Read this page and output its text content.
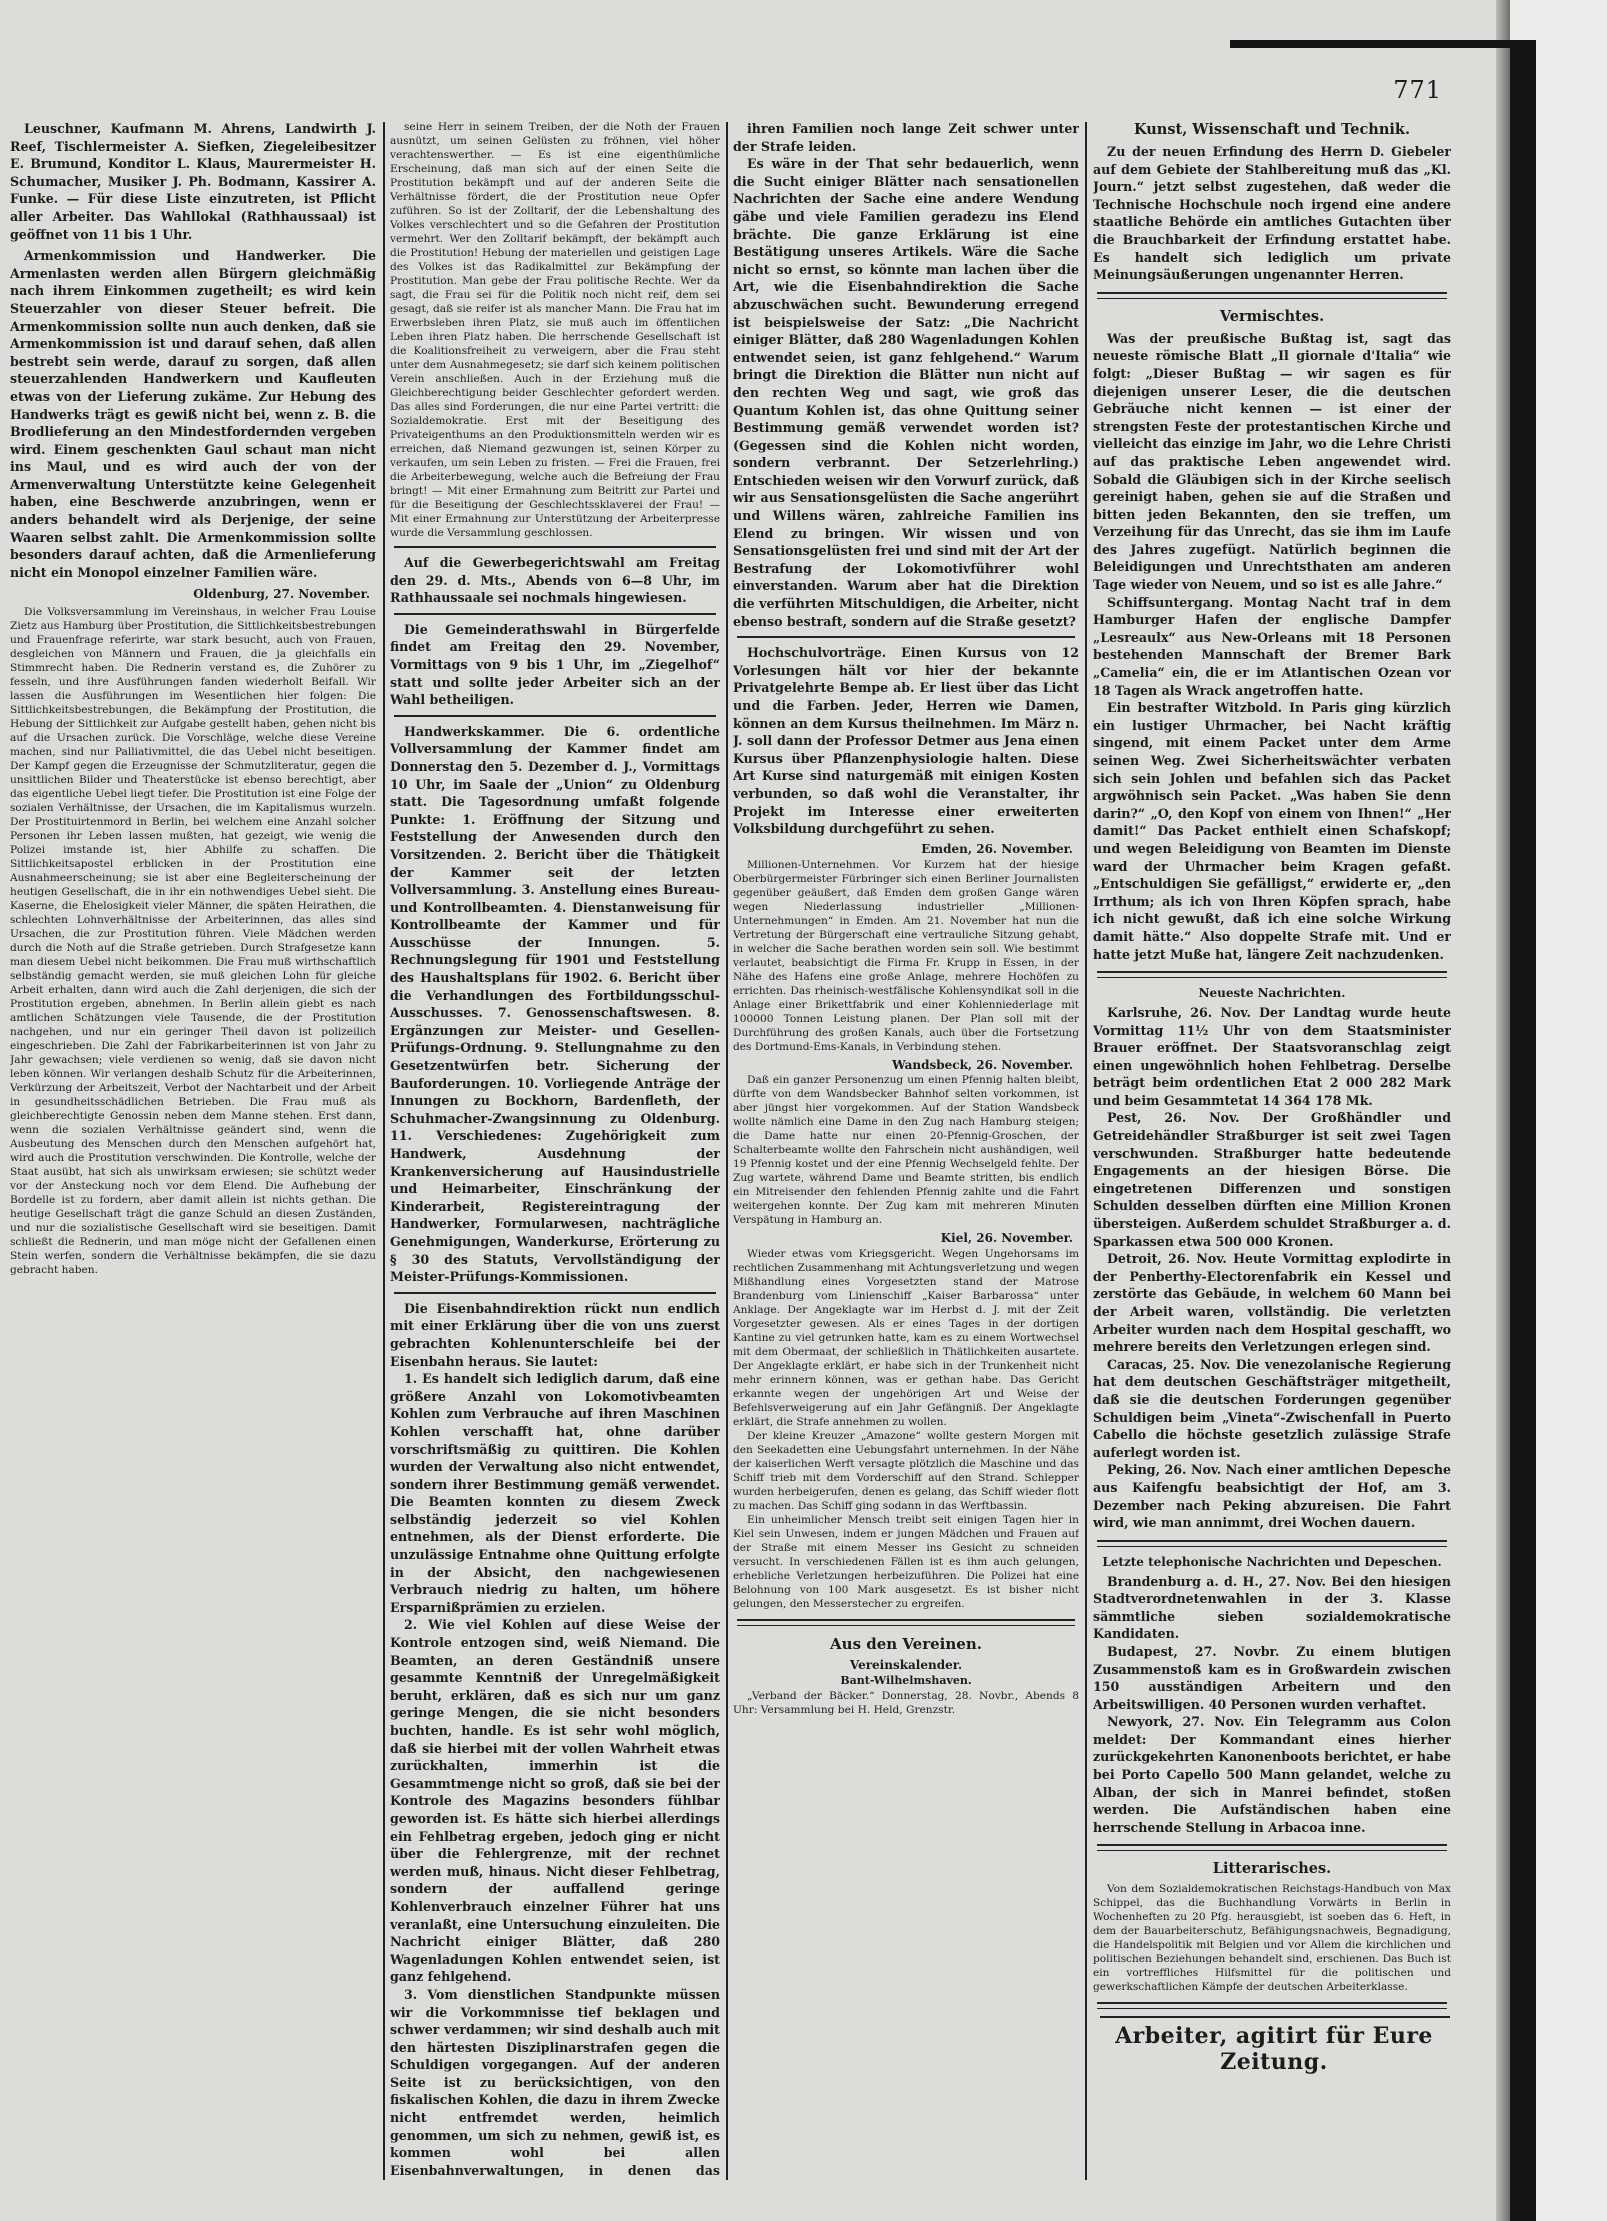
771

Leuschner, Kaufmann M. Ahrens, Landwirth J. Reef, Tischlermeister A. Siefken, Ziegeleibesitzer E. Brumund, Konditor L. Klaus, Maurermeister H. Schumacher, Musiker J. Ph. Bodmann, Kassirer A. Funke. — Für diese Liste einzutreten, ist Pflicht aller Arbeiter. Das Wahllokal (Rathhaussaal) ist geöffnet von 11 bis 1 Uhr.

Armenkommission und Handwerker. Die Armenlasten werden allen Bürgern gleichmäßig nach ihrem Einkommen zugetheilt; es wird kein Steuerzahler von dieser Steuer befreit. Die Armenkommission sollte nun auch denken, daß sie Armenkommission ist und darauf sehen, daß allen bestrebt sein werde, darauf zu sorgen, daß allen steuerzahlenden Handwerkern und Kaufleuten etwas von der Lieferung zukäme. Zur Hebung des Handwerks trägt es gewiß nicht bei, wenn z. B. die Brodlieferung an den Mindestfordernden vergeben wird. Einem geschenkten Gaul schaut man nicht ins Maul, und es wird auch der von der Armenverwaltung Unterstützte keine Gelegenheit haben, eine Beschwerde anzubringen, wenn er anders behandelt wird als Derjenige, der seine Waaren selbst zahlt. Die Armenkommission sollte besonders darauf achten, daß die Armenlieferung nicht ein Monopol einzelner Familien wäre.

Oldenburg, 27. November.

Die Volksversammlung im Vereinshaus, in welcher Frau Louise Zietz aus Hamburg über Prostitution, die Sittlichkeitsbestrebungen und Frauenfrage referirte, war stark besucht, auch von Frauen, desgleichen von Männern und Frauen, die ja gleichfalls ein Stimmrecht haben. Die Rednerin verstand es, die Zuhörer zu fesseln, und ihre Ausführungen fanden wiederholt Beifall. Wir lassen die Ausführungen im Wesentlichen hier folgen: Die Sittlichkeitsbestrebungen, die Bekämpfung der Prostitution, die Hebung der Sittlichkeit zur Aufgabe gestellt haben, gehen nicht bis auf die Ursachen zurück. Die Vorschläge, welche diese Vereine machen, sind nur Palliativmittel, die das Uebel nicht beseitigen. Der Kampf gegen die Erzeugnisse der Schmutzliteratur, gegen die unsittlichen Bilder und Theaterstücke ist ebenso berechtigt, aber das eigentliche Uebel liegt tiefer. Die Prostitution ist eine Folge der sozialen Verhältnisse, der Ursachen, die im Kapitalismus wurzeln. Der Prostituirtenmord in Berlin, bei welchem eine Anzahl solcher Personen ihr Leben lassen mußten, hat gezeigt, wie wenig die Polizei imstande ist, hier Abhilfe zu schaffen. Die Sittlichkeitsapostel erblicken in der Prostitution eine Ausnahmeerscheinung; sie ist aber eine Begleiterscheinung der heutigen Gesellschaft, die in ihr ein nothwendiges Uebel sieht. Die Kaserne, die Ehelosigkeit vieler Männer, die späten Heirathen, die schlechten Lohnverhältnisse der Arbeiterinnen, das alles sind Ursachen, die zur Prostitution führen. Viele Mädchen werden durch die Noth auf die Straße getrieben. Durch Strafgesetze kann man diesem Uebel nicht beikommen. Die Frau muß wirthschaftlich selbständig gemacht werden, sie muß gleichen Lohn für gleiche Arbeit erhalten, dann wird auch die Zahl derjenigen, die sich der Prostitution ergeben, abnehmen. In Berlin allein giebt es nach amtlichen Schätzungen viele Tausende, die der Prostitution nachgehen, und nur ein geringer Theil davon ist polizeilich eingeschrieben. Die Zahl der Fabrikarbeiterinnen ist von Jahr zu Jahr gewachsen; viele verdienen so wenig, daß sie davon nicht leben können. Wir verlangen deshalb Schutz für die Arbeiterinnen, Verkürzung der Arbeitszeit, Verbot der Nachtarbeit und der Arbeit in gesundheitsschädlichen Betrieben. Die Frau muß als gleichberechtigte Genossin neben dem Manne stehen. Erst dann, wenn die sozialen Verhältnisse geändert sind, wenn die Ausbeutung des Menschen durch den Menschen aufgehört hat, wird auch die Prostitution verschwinden. Die Kontrolle, welche der Staat ausübt, hat sich als unwirksam erwiesen; sie schützt weder vor der Ansteckung noch vor dem Elend. Die Aufhebung der Bordelle ist zu fordern, aber damit allein ist nichts gethan. Die heutige Gesellschaft trägt die ganze Schuld an diesen Zuständen, und nur die sozialistische Gesellschaft wird sie beseitigen. Damit schließt die Rednerin, und man möge nicht der Gefallenen einen Stein werfen, sondern die Verhältnisse bekämpfen, die sie dazu gebracht haben.

seine Herr in seinem Treiben, der die Noth der Frauen ausnützt, um seinen Gelüsten zu fröhnen, viel höher verachtenswerther. — Es ist eine eigenthümliche Erscheinung, daß man sich auf der einen Seite die Prostitution bekämpft und auf der anderen Seite die Verhältnisse fördert, die der Prostitution neue Opfer zuführen. So ist der Zolltarif, der die Lebenshaltung des Volkes verschlechtert und so die Gefahren der Prostitution vermehrt. Wer den Zolltarif bekämpft, der bekämpft auch die Prostitution! Hebung der materiellen und geistigen Lage des Volkes ist das Radikalmittel zur Bekämpfung der Prostitution. Man gebe der Frau politische Rechte. Wer da sagt, die Frau sei für die Politik noch nicht reif, dem sei gesagt, daß sie reifer ist als mancher Mann. Die Frau hat im Erwerbsleben ihren Platz, sie muß auch im öffentlichen Leben ihren Platz haben. Die herrschende Gesellschaft ist die Koalitionsfreiheit zu verweigern, aber die Frau steht unter dem Ausnahmegesetz; sie darf sich keinem politischen Verein anschließen. Auch in der Erziehung muß die Gleichberechtigung beider Geschlechter gefordert werden. Das alles sind Forderungen, die nur eine Partei vertritt: die Sozialdemokratie. Erst mit der Beseitigung des Privateigenthums an den Produktionsmitteln werden wir es erreichen, daß Niemand gezwungen ist, seinen Körper zu verkaufen, um sein Leben zu fristen. — Frei die Frauen, frei die Arbeiterbewegung, welche auch die Befreiung der Frau bringt! — Mit einer Ermahnung zum Beitritt zur Partei und für die Beseitigung der Geschlechtssklaverei der Frau! — Mit einer Ermahnung zur Unterstützung der Arbeiterpresse wurde die Versammlung geschlossen.

Auf die Gewerbegerichtswahl am Freitag den 29. d. Mts., Abends von 6—8 Uhr, im Rathhaussaale sei nochmals hingewiesen.

Die Gemeinderathswahl in Bürgerfelde findet am Freitag den 29. November, Vormittags von 9 bis 1 Uhr, im „Ziegelhof“ statt und sollte jeder Arbeiter sich an der Wahl betheiligen.

Handwerkskammer. Die 6. ordentliche Vollversammlung der Kammer findet am Donnerstag den 5. Dezember d. J., Vormittags 10 Uhr, im Saale der „Union“ zu Oldenburg statt. Die Tagesordnung umfaßt folgende Punkte: 1. Eröffnung der Sitzung und Feststellung der Anwesenden durch den Vorsitzenden. 2. Bericht über die Thätigkeit der Kammer seit der letzten Vollversammlung. 3. Anstellung eines Bureau- und Kontrollbeamten. 4. Dienstanweisung für Kontrollbeamte der Kammer und für Ausschüsse der Innungen. 5. Rechnungslegung für 1901 und Feststellung des Haushaltsplans für 1902. 6. Bericht über die Verhandlungen des Fortbildungsschul-Ausschusses. 7. Genossenschaftswesen. 8. Ergänzungen zur Meister- und Gesellen-Prüfungs-Ordnung. 9. Stellungnahme zu den Gesetzentwürfen betr. Sicherung der Bauforderungen. 10. Vorliegende Anträge der Innungen zu Bockhorn, Bardenfleth, der Schuhmacher-Zwangsinnung zu Oldenburg. 11. Verschiedenes: Zugehörigkeit zum Handwerk, Ausdehnung der Krankenversicherung auf Hausindustrielle und Heimarbeiter, Einschränkung der Kinderarbeit, Registereintragung der Handwerker, Formularwesen, nachträgliche Genehmigungen, Wanderkurse, Erörterung zu § 30 des Statuts, Vervollständigung der Meister-Prüfungs-Kommissionen.

Die Eisenbahndirektion rückt nun endlich mit einer Erklärung über die von uns zuerst gebrachten Kohlenunterschleife bei der Eisenbahn heraus. Sie lautet:

1. Es handelt sich lediglich darum, daß eine größere Anzahl von Lokomotivbeamten Kohlen zum Verbrauche auf ihren Maschinen Kohlen verschafft hat, ohne darüber vorschriftsmäßig zu quittiren. Die Kohlen wurden der Verwaltung also nicht entwendet, sondern ihrer Bestimmung gemäß verwendet. Die Beamten konnten zu diesem Zweck selbständig jederzeit so viel Kohlen entnehmen, als der Dienst erforderte. Die unzulässige Entnahme ohne Quittung erfolgte in der Absicht, den nachgewiesenen Verbrauch niedrig zu halten, um höhere Ersparnißprämien zu erzielen.

2. Wie viel Kohlen auf diese Weise der Kontrole entzogen sind, weiß Niemand. Die Beamten, an deren Geständniß unsere gesammte Kenntniß der Unregelmäßigkeit beruht, erklären, daß es sich nur um ganz geringe Mengen, die sie nicht besonders buchten, handle. Es ist sehr wohl möglich, daß sie hierbei mit der vollen Wahrheit etwas zurückhalten, immerhin ist die Gesammtmenge nicht so groß, daß sie bei der Kontrole des Magazins besonders fühlbar geworden ist. Es hätte sich hierbei allerdings ein Fehlbetrag ergeben, jedoch ging er nicht über die Fehlergrenze, mit der rechnet werden muß, hinaus. Nicht dieser Fehlbetrag, sondern der auffallend geringe Kohlenverbrauch einzelner Führer hat uns veranlaßt, eine Untersuchung einzuleiten. Die Nachricht einiger Blätter, daß 280 Wagenladungen Kohlen entwendet seien, ist ganz fehlgehend.

3. Vom dienstlichen Standpunkte müssen wir die Vorkommnisse tief beklagen und schwer verdammen; wir sind deshalb auch mit den härtesten Disziplinarstrafen gegen die Schuldigen vorgegangen. Auf der anderen Seite ist zu berücksichtigen, von den fiskalischen Kohlen, die dazu in ihrem Zwecke nicht entfremdet werden, heimlich genommen, um sich zu nehmen, gewiß ist, es kommen wohl bei allen Eisenbahnverwaltungen, in denen das

ihren Familien noch lange Zeit schwer unter der Strafe leiden.

Es wäre in der That sehr bedauerlich, wenn die Sucht einiger Blätter nach sensationellen Nachrichten der Sache eine andere Wendung gäbe und viele Familien geradezu ins Elend brächte. Die ganze Erklärung ist eine Bestätigung unseres Artikels. Wäre die Sache nicht so ernst, so könnte man lachen über die Art, wie die Eisenbahndirektion die Sache abzuschwächen sucht. Bewunderung erregend ist beispielsweise der Satz: „Die Nachricht einiger Blätter, daß 280 Wagenladungen Kohlen entwendet seien, ist ganz fehlgehend.“ Warum bringt die Direktion die Blätter nun nicht auf den rechten Weg und sagt, wie groß das Quantum Kohlen ist, das ohne Quittung seiner Bestimmung gemäß verwendet worden ist? (Gegessen sind die Kohlen nicht worden, sondern verbrannt. Der Setzerlehrling.) Entschieden weisen wir den Vorwurf zurück, daß wir aus Sensationsgelüsten die Sache angerührt und Willens wären, zahlreiche Familien ins Elend zu bringen. Wir wissen und von Sensationsgelüsten frei und sind mit der Art der Bestrafung der Lokomotivführer wohl einverstanden. Warum aber hat die Direktion die verführten Mitschuldigen, die Arbeiter, nicht ebenso bestraft, sondern auf die Straße gesetzt?

Hochschulvorträge. Einen Kursus von 12 Vorlesungen hält vor hier der bekannte Privatgelehrte Bempe ab. Er liest über das Licht und die Farben. Jeder, Herren wie Damen, können an dem Kursus theilnehmen. Im März n. J. soll dann der Professor Detmer aus Jena einen Kursus über Pflanzenphysiologie halten. Diese Art Kurse sind naturgemäß mit einigen Kosten verbunden, so daß wohl die Veranstalter, ihr Projekt im Interesse einer erweiterten Volksbildung durchgeführt zu sehen.

Emden, 26. November.

Millionen-Unternehmen. Vor Kurzem hat der hiesige Oberbürgermeister Fürbringer sich einen Berliner Journalisten gegenüber geäußert, daß Emden dem großen Gange wären wegen Niederlassung industrieller „Millionen-Unternehmungen“ in Emden. Am 21. November hat nun die Vertretung der Bürgerschaft eine vertrauliche Sitzung gehabt, in welcher die Sache berathen worden sein soll. Wie bestimmt verlautet, beabsichtigt die Firma Fr. Krupp in Essen, in der Nähe des Hafens eine große Anlage, mehrere Hochöfen zu errichten. Das rheinisch-westfälische Kohlensyndikat soll in die Anlage einer Brikettfabrik und einer Kohlenniederlage mit 100000 Tonnen Leistung planen. Der Plan soll mit der Durchführung des großen Kanals, auch über die Fortsetzung des Dortmund-Ems-Kanals, in Verbindung stehen.

Wandsbeck, 26. November.

Daß ein ganzer Personenzug um einen Pfennig halten bleibt, dürfte von dem Wandsbecker Bahnhof selten vorkommen, ist aber jüngst hier vorgekommen. Auf der Station Wandsbeck wollte nämlich eine Dame in den Zug nach Hamburg steigen; die Dame hatte nur einen 20-Pfennig-Groschen, der Schalterbeamte wollte den Fahrschein nicht aushändigen, weil 19 Pfennig kostet und der eine Pfennig Wechselgeld fehlte. Der Zug wartete, während Dame und Beamte stritten, bis endlich ein Mitreisender den fehlenden Pfennig zahlte und die Fahrt weitergehen konnte. Der Zug kam mit mehreren Minuten Verspätung in Hamburg an.

Kiel, 26. November.

Wieder etwas vom Kriegsgericht. Wegen Ungehorsams im rechtlichen Zusammenhang mit Achtungsverletzung und wegen Mißhandlung eines Vorgesetzten stand der Matrose Brandenburg vom Linienschiff „Kaiser Barbarossa“ unter Anklage. Der Angeklagte war im Herbst d. J. mit der Zeit Vorgesetzter gewesen. Als er eines Tages in der dortigen Kantine zu viel getrunken hatte, kam es zu einem Wortwechsel mit dem Obermaat, der schließlich in Thätlichkeiten ausartete. Der Angeklagte erklärt, er habe sich in der Trunkenheit nicht mehr erinnern können, was er gethan habe. Das Gericht erkannte wegen der ungehörigen Art und Weise der Befehlsverweigerung auf ein Jahr Gefängniß. Der Angeklagte erklärt, die Strafe annehmen zu wollen.

Der kleine Kreuzer „Amazone“ wollte gestern Morgen mit den Seekadetten eine Uebungsfahrt unternehmen. In der Nähe der kaiserlichen Werft versagte plötzlich die Maschine und das Schiff trieb mit dem Vorderschiff auf den Strand. Schlepper wurden herbeigerufen, denen es gelang, das Schiff wieder flott zu machen. Das Schiff ging sodann in das Werftbassin.

Ein unheimlicher Mensch treibt seit einigen Tagen hier in Kiel sein Unwesen, indem er jungen Mädchen und Frauen auf der Straße mit einem Messer ins Gesicht zu schneiden versucht. In verschiedenen Fällen ist es ihm auch gelungen, erhebliche Verletzungen herbeizuführen. Die Polizei hat eine Belohnung von 100 Mark ausgesetzt. Es ist bisher nicht gelungen, den Messerstecher zu ergreifen.

Aus den Vereinen.
Vereinskalender.
Bant-Wilhelmshaven.

„Verband der Bäcker.“ Donnerstag, 28. Novbr., Abends 8 Uhr: Versammlung bei H. Held, Grenzstr.

Kunst, Wissenschaft und Technik.

Zu der neuen Erfindung des Herrn D. Giebeler auf dem Gebiete der Stahlbereitung muß das „Kl. Journ.“ jetzt selbst zugestehen, daß weder die Technische Hochschule noch irgend eine andere staatliche Behörde ein amtliches Gutachten über die Brauchbarkeit der Erfindung erstattet habe. Es handelt sich lediglich um private Meinungsäußerungen ungenannter Herren.

Vermischtes.

Was der preußische Bußtag ist, sagt das neueste römische Blatt „Il giornale d'Italia“ wie folgt: „Dieser Bußtag — wir sagen es für diejenigen unserer Leser, die die deutschen Gebräuche nicht kennen — ist einer der strengsten Feste der protestantischen Kirche und vielleicht das einzige im Jahr, wo die Lehre Christi auf das praktische Leben angewendet wird. Sobald die Gläubigen sich in der Kirche seelisch gereinigt haben, gehen sie auf die Straßen und bitten jeden Bekannten, den sie treffen, um Verzeihung für das Unrecht, das sie ihm im Laufe des Jahres zugefügt. Natürlich beginnen die Beleidigungen und Unrechtsthaten am anderen Tage wieder von Neuem, und so ist es alle Jahre.“

Schiffsuntergang. Montag Nacht traf in dem Hamburger Hafen der englische Dampfer „Lesreaulx“ aus New-Orleans mit 18 Personen bestehenden Mannschaft der Bremer Bark „Camelia“ ein, die er im Atlantischen Ozean vor 18 Tagen als Wrack angetroffen hatte.

Ein bestrafter Witzbold. In Paris ging kürzlich ein lustiger Uhrmacher, bei Nacht kräftig singend, mit einem Packet unter dem Arme seinen Weg. Zwei Sicherheitswächter verbaten sich sein Johlen und befahlen sich das Packet argwöhnisch sein Packet. „Was haben Sie denn darin?“ „O, den Kopf von einem von Ihnen!“ „Her damit!“ Das Packet enthielt einen Schafskopf; und wegen Beleidigung von Beamten im Dienste ward der Uhrmacher beim Kragen gefaßt. „Entschuldigen Sie gefälligst,“ erwiderte er, „den Irrthum; als ich von Ihren Köpfen sprach, habe ich nicht gewußt, daß ich eine solche Wirkung damit hätte.“ Also doppelte Strafe mit. Und er hatte jetzt Muße hat, längere Zeit nachzudenken.

Neueste Nachrichten.

Karlsruhe, 26. Nov. Der Landtag wurde heute Vormittag 11½ Uhr von dem Staatsminister Brauer eröffnet. Der Staatsvoranschlag zeigt einen ungewöhnlich hohen Fehlbetrag. Derselbe beträgt beim ordentlichen Etat 2 000 282 Mark und beim Gesammtetat 14 364 178 Mk.

Pest, 26. Nov. Der Großhändler und Getreidehändler Straßburger ist seit zwei Tagen verschwunden. Straßburger hatte bedeutende Engagements an der hiesigen Börse. Die eingetretenen Differenzen und sonstigen Schulden desselben dürften eine Million Kronen übersteigen. Außerdem schuldet Straßburger a. d. Sparkassen etwa 500 000 Kronen.

Detroit, 26. Nov. Heute Vormittag explodirte in der Penberthy-Electorenfabrik ein Kessel und zerstörte das Gebäude, in welchem 60 Mann bei der Arbeit waren, vollständig. Die verletzten Arbeiter wurden nach dem Hospital geschafft, wo mehrere bereits den Verletzungen erlegen sind.

Caracas, 25. Nov. Die venezolanische Regierung hat dem deutschen Geschäftsträger mitgetheilt, daß sie die deutschen Forderungen gegenüber Schuldigen beim „Vineta“-Zwischenfall in Puerto Cabello die höchste gesetzlich zulässige Strafe auferlegt worden ist.

Peking, 26. Nov. Nach einer amtlichen Depesche aus Kaifengfu beabsichtigt der Hof, am 3. Dezember nach Peking abzureisen. Die Fahrt wird, wie man annimmt, drei Wochen dauern.

Letzte telephonische Nachrichten und Depeschen.

Brandenburg a. d. H., 27. Nov. Bei den hiesigen Stadtverordnetenwahlen in der 3. Klasse sämmtliche sieben sozialdemokratische Kandidaten.

Budapest, 27. Novbr. Zu einem blutigen Zusammenstoß kam es in Großwardein zwischen 150 ausständigen Arbeitern und den Arbeitswilligen. 40 Personen wurden verhaftet.

Newyork, 27. Nov. Ein Telegramm aus Colon meldet: Der Kommandant eines hierher zurückgekehrten Kanonenboots berichtet, er habe bei Porto Capello 500 Mann gelandet, welche zu Alban, der sich in Manrei befindet, stoßen werden. Die Aufständischen haben eine herrschende Stellung in Arbacoa inne.

Litterarisches.

Von dem Sozialdemokratischen Reichstags-Handbuch von Max Schippel, das die Buchhandlung Vorwärts in Berlin in Wochenheften zu 20 Pfg. herausgiebt, ist soeben das 6. Heft, in dem der Bauarbeiterschutz, Befähigungsnachweis, Begnadigung, die Handelspolitik mit Belgien und vor Allem die kirchlichen und politischen Beziehungen behandelt sind, erschienen. Das Buch ist ein vortreffliches Hilfsmittel für die politischen und gewerkschaftlichen Kämpfe der deutschen Arbeiterklasse.

Arbeiter, agitirt für Eure Zeitung.
